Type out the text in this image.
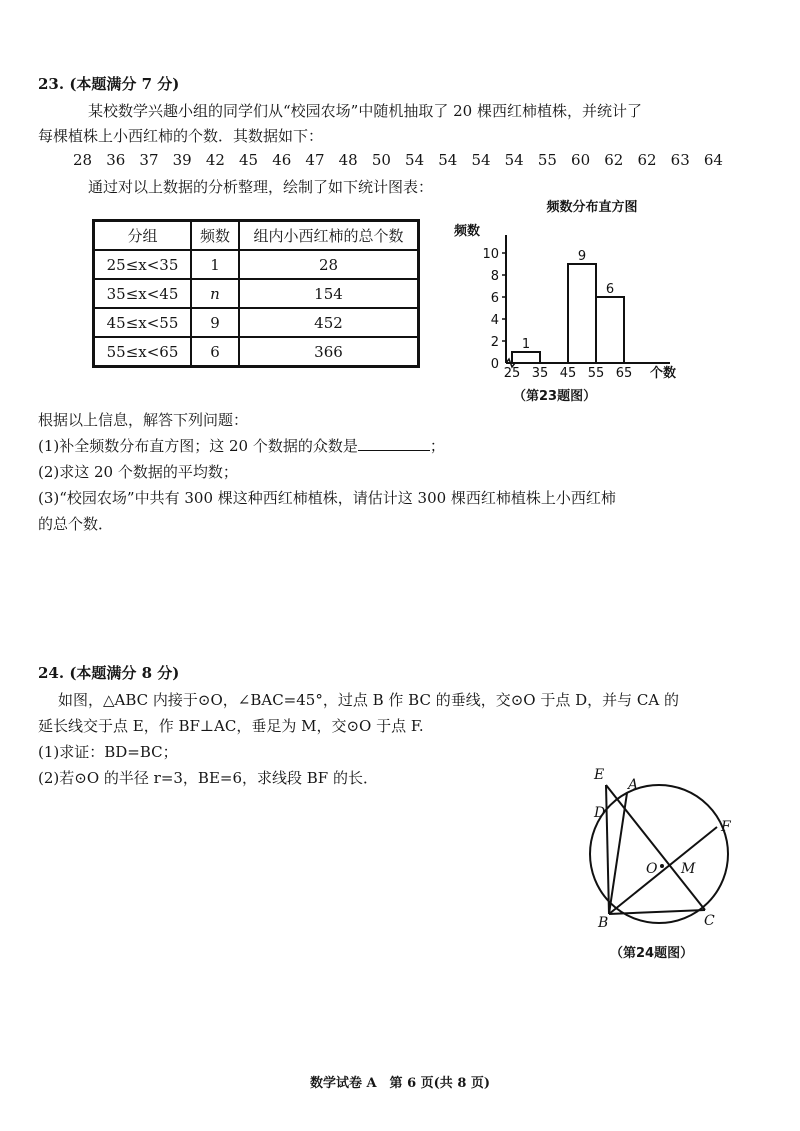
23. (本题满分 7 分)
某校数学兴趣小组的同学们从“校园农场”中随机抽取了 20 棵西红柿植株，并统计了
每棵植株上小西红柿的个数．其数据如下：
28 36 37 39 42 45 46 47 48 50 54 54 54 54 55 60 62 62 63 64
通过对以上数据的分析整理，绘制了如下统计图表：
分组	频数	组内小西红柿的总个数
25≤x<35	1	28
35≤x<45	n	154
45≤x<55	9	452
55≤x<65	6	366
频数分布直方图
频数
个数
1
9
6
0
2
4
6
8
10
25 35 45 55 65
（第23题图）
根据以上信息，解答下列问题：
(1)补全频数分布直方图；这 20 个数据的众数是	；
(2)求这 20 个数据的平均数；
(3)“校园农场”中共有 300 棵这种西红柿植株，请估计这 300 棵西红柿植株上小西红柿
的总个数．
24. (本题满分 8 分)
如图，△ABC 内接于⊙O，∠BAC=45°，过点 B 作 BC 的垂线，交⊙O 于点 D，并与 CA 的
延长线交于点 E，作 BF⊥AC，垂足为 M，交⊙O 于点 F.
(1)求证：BD=BC；
(2)若⊙O 的半径 r=3，BE=6，求线段 BF 的长．	E
A
D
F
O M
B	C
（第24题图）
数学试卷 A　第 6 页(共 8 页)
